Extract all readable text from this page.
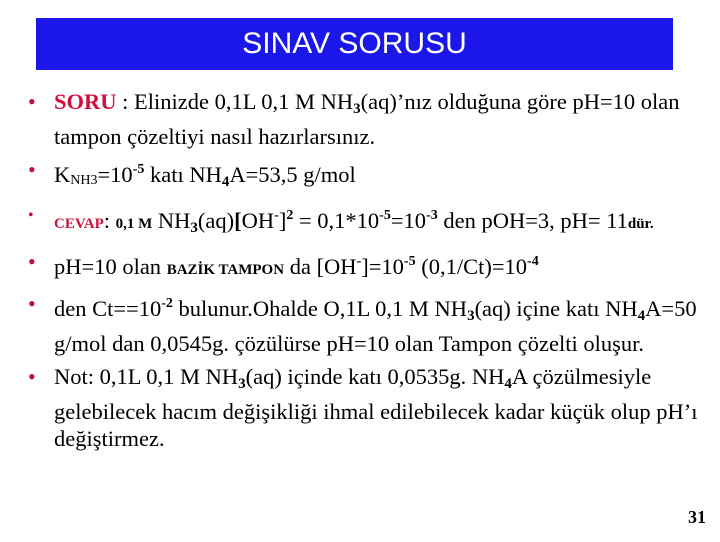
SINAV SORUSU
• SORU : Elinizde 0,1L 0,1 M $NH_3(aq)’nız$ olduğuna göre pH=10 olan tampon çözeltiyi nasıl hazırlarsınız.
• $KNH3=10^{-5}$ katı $NH_4A=53,5$ g/mol
• CEVAP: 0,1 M $NH_3(aq)[OH^-]^2 = 0,1*10^{-5}=10^{-3}$ den pOH=3, pH= 11dür.
• pH=10 olan BAZİK TAMPON da $[OH^-]=10^{-5}$ $(0,1/Ct)=10^{-4}$
• den $Ct==10^{-2}$ bulunur.Ohalde O,1L 0,1 M $NH_3(aq)$ içine katı $NH_4A=50$ g/mol dan 0,0545g. çözülürse pH=10 olan Tampon çözelti oluşur.
• Not: 0,1L 0,1 M $NH_3(aq)$ içinde katı 0,0535g. $NH_4A$ çözülmesiyle gelebilecek hacım değişikliği ihmal edilebilecek kadar küçük olup pH’ı değiştirmez.
31
